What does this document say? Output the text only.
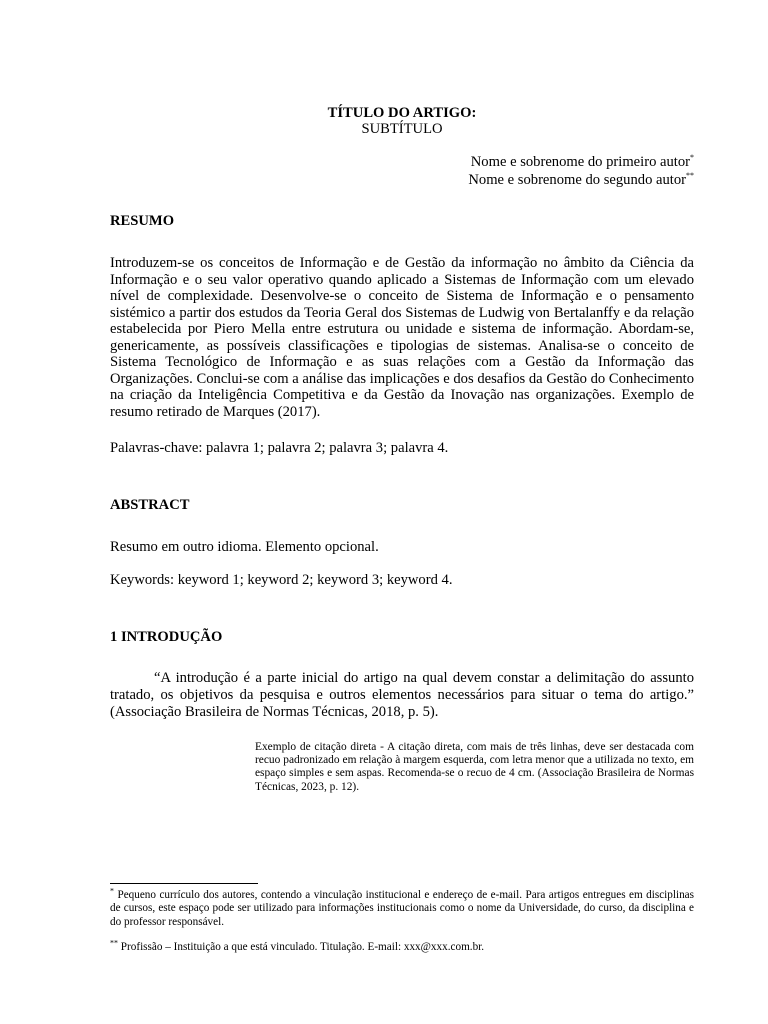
TÍTULO DO ARTIGO:
SUBTÍTULO
Nome e sobrenome do primeiro autor*
Nome e sobrenome do segundo autor**
RESUMO
Introduzem-se os conceitos de Informação e de Gestão da informação no âmbito da Ciência da Informação e o seu valor operativo quando aplicado a Sistemas de Informação com um elevado nível de complexidade. Desenvolve-se o conceito de Sistema de Informação e o pensamento sistémico a partir dos estudos da Teoria Geral dos Sistemas de Ludwig von Bertalanffy e da relação estabelecida por Piero Mella entre estrutura ou unidade e sistema de informação. Abordam-se, genericamente, as possíveis classificações e tipologias de sistemas. Analisa-se o conceito de Sistema Tecnológico de Informação e as suas relações com a Gestão da Informação das Organizações. Conclui-se com a análise das implicações e dos desafios da Gestão do Conhecimento na criação da Inteligência Competitiva e da Gestão da Inovação nas organizações. Exemplo de resumo retirado de Marques (2017).
Palavras-chave: palavra 1; palavra 2; palavra 3; palavra 4.
ABSTRACT
Resumo em outro idioma. Elemento opcional.
Keywords: keyword 1; keyword 2; keyword 3; keyword 4.
1 INTRODUÇÃO
“A introdução é a parte inicial do artigo na qual devem constar a delimitação do assunto tratado, os objetivos da pesquisa e outros elementos necessários para situar o tema do artigo.” (Associação Brasileira de Normas Técnicas, 2018, p. 5).
Exemplo de citação direta - A citação direta, com mais de três linhas, deve ser destacada com recuo padronizado em relação à margem esquerda, com letra menor que a utilizada no texto, em espaço simples e sem aspas. Recomenda-se o recuo de 4 cm. (Associação Brasileira de Normas Técnicas, 2023, p. 12).
* Pequeno currículo dos autores, contendo a vinculação institucional e endereço de e-mail. Para artigos entregues em disciplinas de cursos, este espaço pode ser utilizado para informações institucionais como o nome da Universidade, do curso, da disciplina e do professor responsável.
** Profissão – Instituição a que está vinculado. Titulação. E-mail: xxx@xxx.com.br.
